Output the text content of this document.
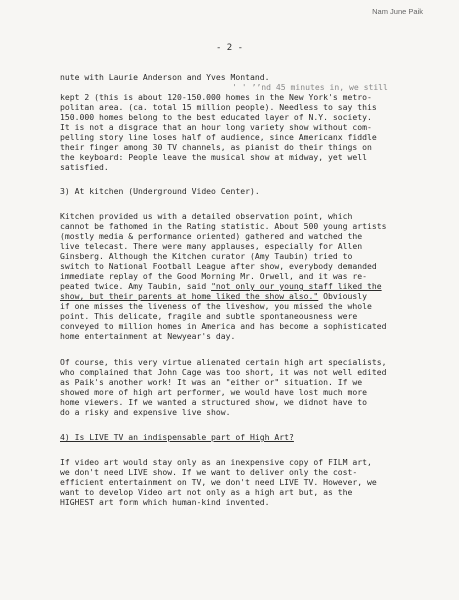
Nam June Paik
- 2 -
nute with Laurie Anderson and Yves Montand.
' ' ’’nd 45 minutes in, we still
kept 2 (this is about 120-150.000 homes in the New York's metro-
politan area. (ca. total 15 million people). Needless to say this
150.000 homes belong to the best educated layer of N.Y. society.
It is not a disgrace that an hour long variety show without com-
pelling story line loses half of audience, since Americanx fiddle
their finger among 30 TV channels, as pianist do their things on
the keyboard: People leave the musical show at midway, yet well
satisfied.
3) At kitchen (Underground Video Center).
Kitchen provided us with a detailed observation point, which
cannot be fathomed in the Rating statistic. About 500 young artists
(mostly media & performance oriented) gathered and watched the
live telecast. There were many applauses, especially for Allen
Ginsberg. Although the Kitchen curator (Amy Taubin) tried to
switch to National Football League after show, everybody demanded
immediate replay of the Good Morning Mr. Orwell, and it was re-
peated twice. Amy Taubin, said "not only our young staff liked the
show, but their parents at home liked the show also." Obviously
if one misses the liveness of the liveshow, you missed the whole
point. This delicate, fragile and subtle spontaneousness were
conveyed to million homes in America and has become a sophisticated
home entertainment at Newyear's day.
Of course, this very virtue alienated certain high art specialists,
who complained that John Cage was too short, it was not well edited
as Paik's another work! It was an "either or" situation. If we
showed more of high art performer, we would have lost much more
home viewers. If we wanted a structured show, we didnot have to
do a risky and expensive live show.
4) Is LIVE TV an indispensable part of High Art?
If video art would stay only as an inexpensive copy of FILM art,
we don't need LIVE show. If we want to deliver only the cost-
efficient entertainment on TV, we don't need LIVE TV. However, we
want to develop Video art not only as a high art but, as the
HIGHEST art form which human-kind invented.
